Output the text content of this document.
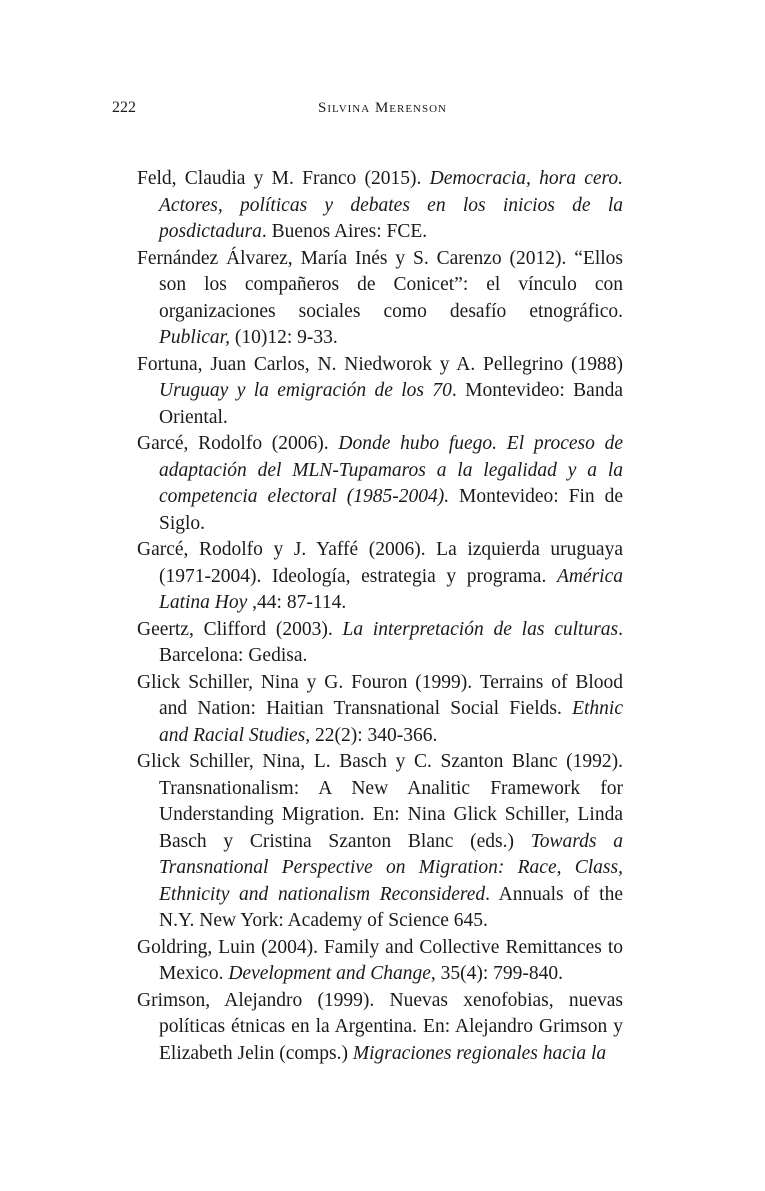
222	Silvina Merenson
Feld, Claudia y M. Franco (2015). Democracia, hora cero. Actores, políticas y debates en los inicios de la posdictadura. Buenos Aires: FCE.
Fernández Álvarez, María Inés y S. Carenzo (2012). “Ellos son los compañeros de Conicet”: el vínculo con organizaciones sociales como desafío etnográfico. Publicar, (10)12: 9-33.
Fortuna, Juan Carlos, N. Niedworok y A. Pellegrino (1988) Uruguay y la emigración de los 70. Montevideo: Banda Oriental.
Garcé, Rodolfo (2006). Donde hubo fuego. El proceso de adaptación del MLN-Tupamaros a la legalidad y a la competencia electoral (1985-2004). Montevideo: Fin de Siglo.
Garcé, Rodolfo y J. Yaffé (2006). La izquierda uruguaya (1971-2004). Ideología, estrategia y programa. América Latina Hoy ,44: 87-114.
Geertz, Clifford (2003). La interpretación de las culturas. Barcelona: Gedisa.
Glick Schiller, Nina y G. Fouron (1999). Terrains of Blood and Nation: Haitian Transnational Social Fields. Ethnic and Racial Studies, 22(2): 340-366.
Glick Schiller, Nina, L. Basch y C. Szanton Blanc (1992). Transnationalism: A New Analitic Framework for Understanding Migration. En: Nina Glick Schiller, Linda Basch y Cristina Szanton Blanc (eds.) Towards a Transnational Perspective on Migration: Race, Class, Ethnicity and nationalism Reconsidered. Annuals of the N.Y. New York: Academy of Science 645.
Goldring, Luin (2004). Family and Collective Remittances to Mexico. Development and Change, 35(4): 799-840.
Grimson, Alejandro (1999). Nuevas xenofobias, nuevas políticas étnicas en la Argentina. En: Alejandro Grimson y Elizabeth Jelin (comps.) Migraciones regionales hacia la
